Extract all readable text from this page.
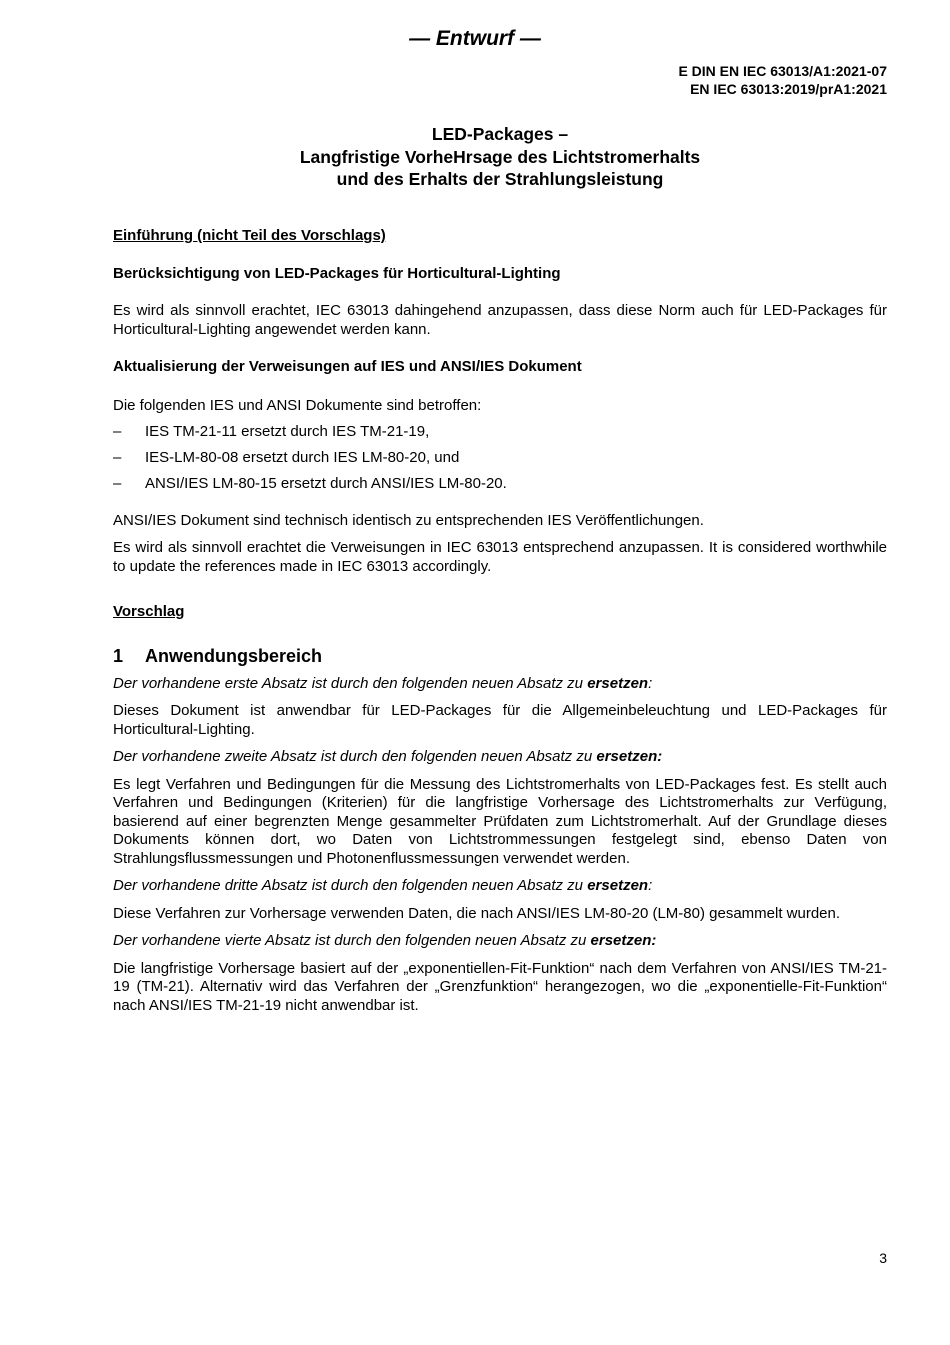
— Entwurf —
E DIN EN IEC 63013/A1:2021-07
EN IEC 63013:2019/prA1:2021
LED-Packages –
Langfristige VorheHrsage des Lichtstromerhalts
und des Erhalts der Strahlungsleistung

Einführung (nicht Teil des Vorschlags)

Berücksichtigung von LED-Packages für Horticultural-Lighting

Es wird als sinnvoll erachtet, IEC 63013 dahingehend anzupassen, dass diese Norm auch für LED-Packages für Horticultural-Lighting angewendet werden kann.

Aktualisierung der Verweisungen auf IES und ANSI/IES Dokument

Die folgenden IES und ANSI Dokumente sind betroffen:

– IES TM-21-11 ersetzt durch IES TM-21-19,
– IES-LM-80-08 ersetzt durch IES LM-80-20, und
– ANSI/IES LM-80-15 ersetzt durch ANSI/IES LM-80-20.

ANSI/IES Dokument sind technisch identisch zu entsprechenden IES Veröffentlichungen.

Es wird als sinnvoll erachtet die Verweisungen in IEC 63013 entsprechend anzupassen. It is considered worthwhile to update the references made in IEC 63013 accordingly.

Vorschlag

1 Anwendungsbereich

Der vorhandene erste Absatz ist durch den folgenden neuen Absatz zu ersetzen:

Dieses Dokument ist anwendbar für LED-Packages für die Allgemeinbeleuchtung und LED-Packages für Horticultural-Lighting.

Der vorhandene zweite Absatz ist durch den folgenden neuen Absatz zu ersetzen:

Es legt Verfahren und Bedingungen für die Messung des Lichtstromerhalts von LED-Packages fest. Es stellt auch Verfahren und Bedingungen (Kriterien) für die langfristige Vorhersage des Lichtstromerhalts zur Verfügung, basierend auf einer begrenzten Menge gesammelter Prüfdaten zum Lichtstromerhalt. Auf der Grundlage dieses Dokuments können dort, wo Daten von Lichtstrommessungen festgelegt sind, ebenso Daten von Strahlungsflussmessungen und Photonenflussmessungen verwendet werden.

Der vorhandene dritte Absatz ist durch den folgenden neuen Absatz zu ersetzen:

Diese Verfahren zur Vorhersage verwenden Daten, die nach ANSI/IES LM-80-20 (LM-80) gesammelt wurden.

Der vorhandene vierte Absatz ist durch den folgenden neuen Absatz zu ersetzen:

Die langfristige Vorhersage basiert auf der „exponentiellen-Fit-Funktion“ nach dem Verfahren von ANSI/IES TM-21-19 (TM-21). Alternativ wird das Verfahren der „Grenzfunktion“ herangezogen, wo die „exponentielle-Fit-Funktion“ nach ANSI/IES TM-21-19 nicht anwendbar ist.

3
